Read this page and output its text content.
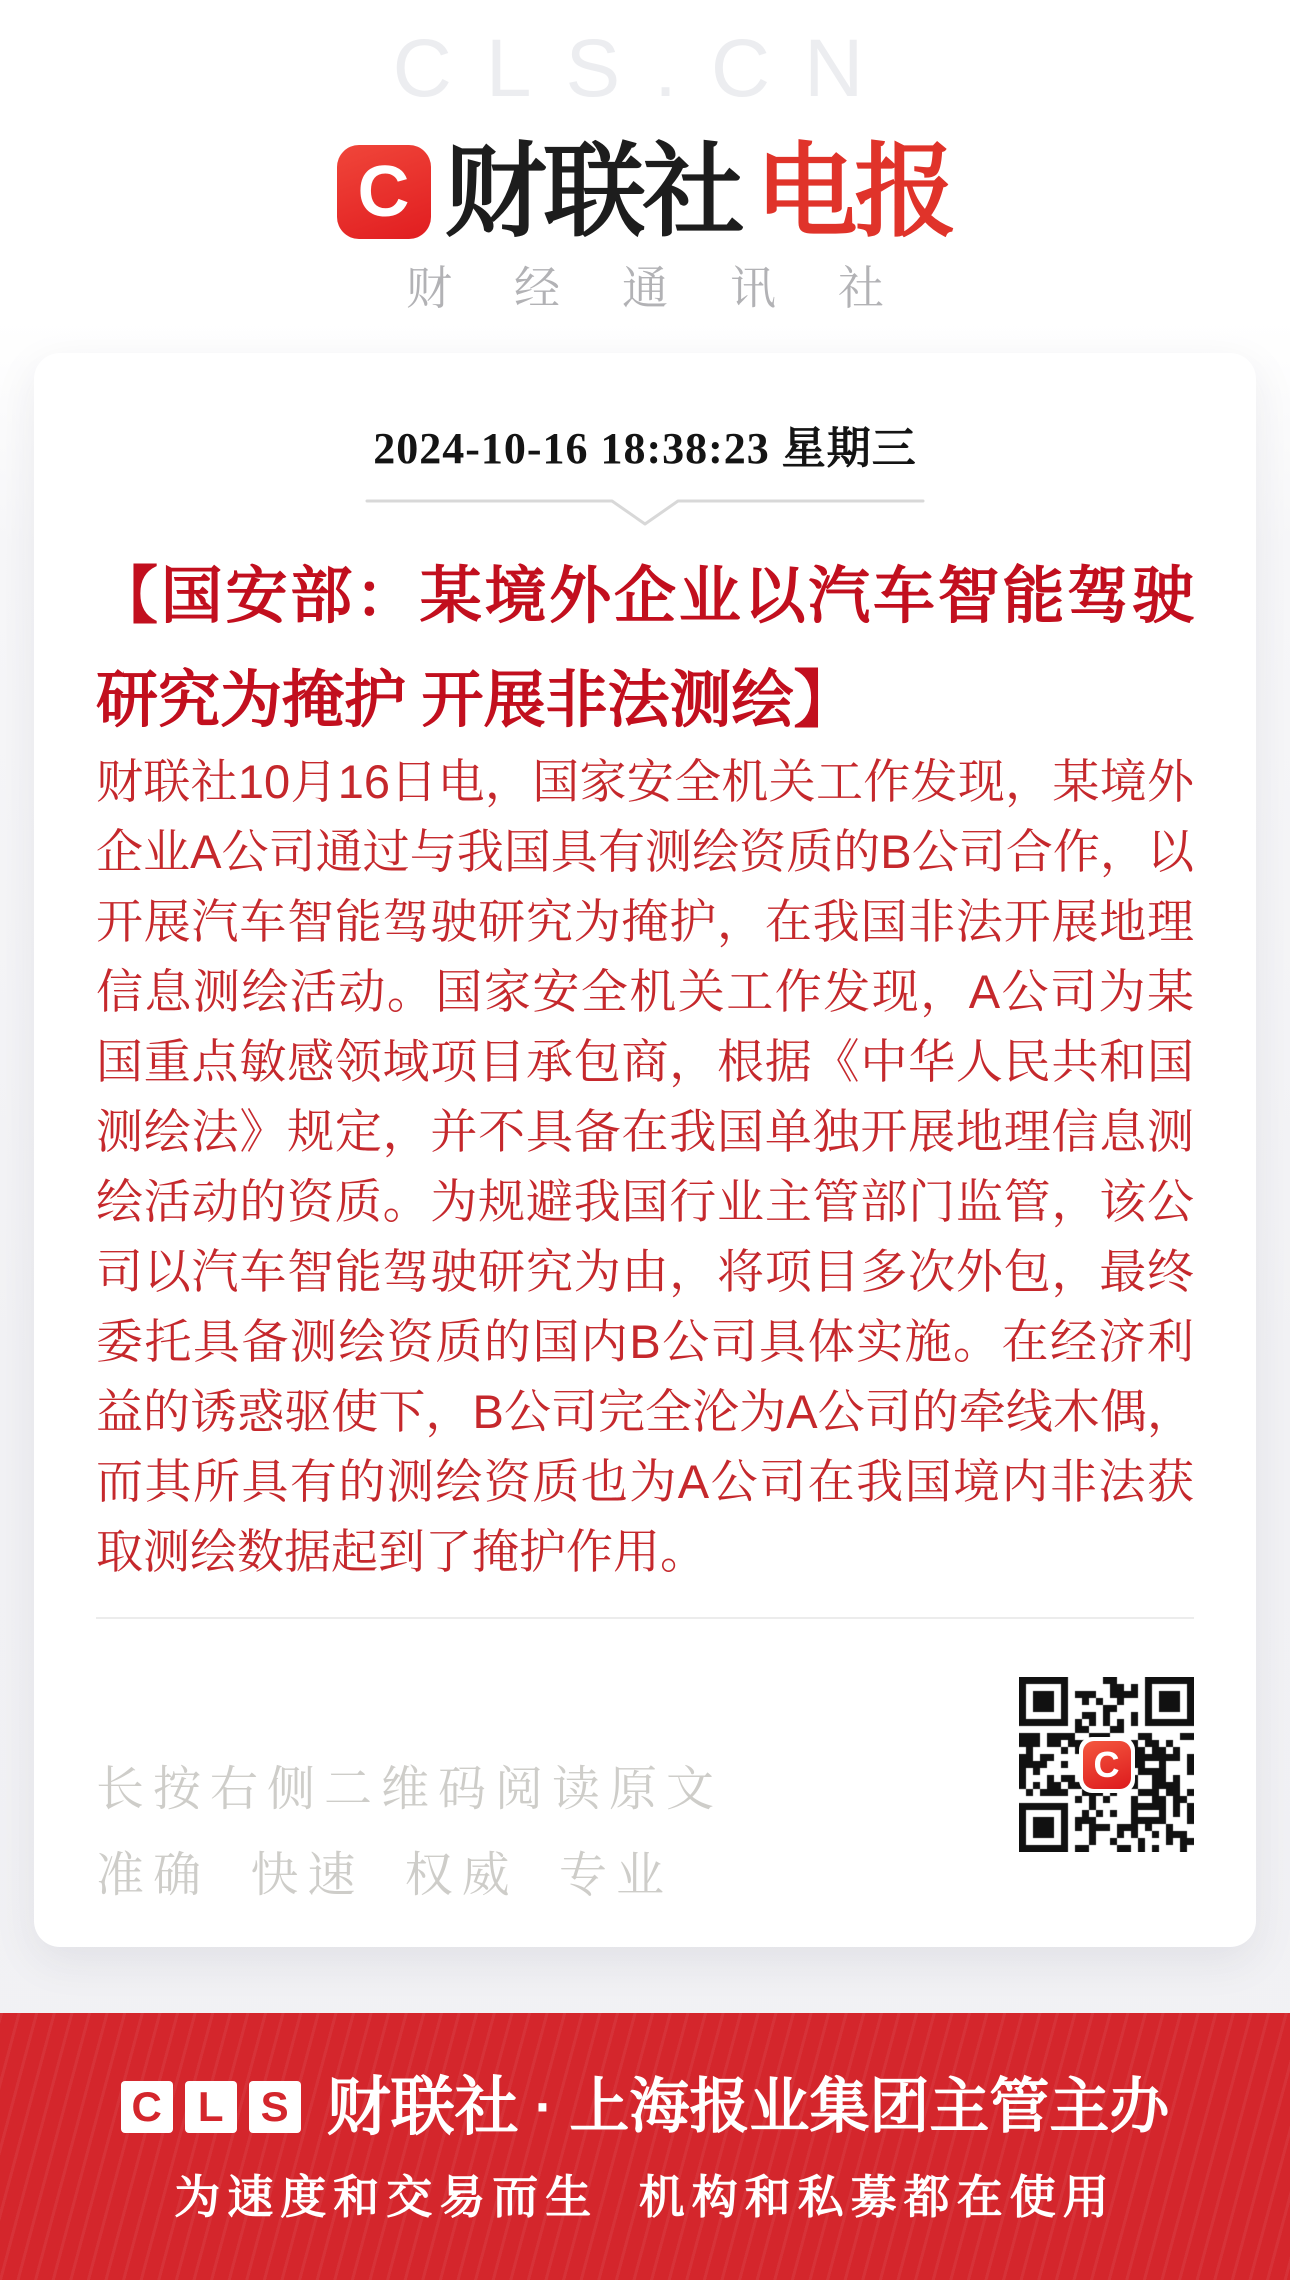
CLS.CN
C 财联社 电报
财经通讯社
2024-10-16 18:38:23 星期三
【国安部：某境外企业以汽车智能驾驶研究为掩护 开展非法测绘】
财联社10月16日电，国家安全机关工作发现，某境外企业A公司通过与我国具有测绘资质的B公司合作，以开展汽车智能驾驶研究为掩护，在我国非法开展地理信息测绘活动。国家安全机关工作发现，A公司为某国重点敏感领域项目承包商，根据《中华人民共和国测绘法》规定，并不具备在我国单独开展地理信息测绘活动的资质。为规避我国行业主管部门监管，该公司以汽车智能驾驶研究为由，将项目多次外包，最终委托具备测绘资质的国内B公司具体实施。在经济利益的诱惑驱使下，B公司完全沦为A公司的牵线木偶，而其所具有的测绘资质也为A公司在我国境内非法获取测绘数据起到了掩护作用。
长按右侧二维码阅读原文
准确 快速 权威 专业
C
C L S 财联社 · 上海报业集团主管主办
为速度和交易而生 机构和私募都在使用
